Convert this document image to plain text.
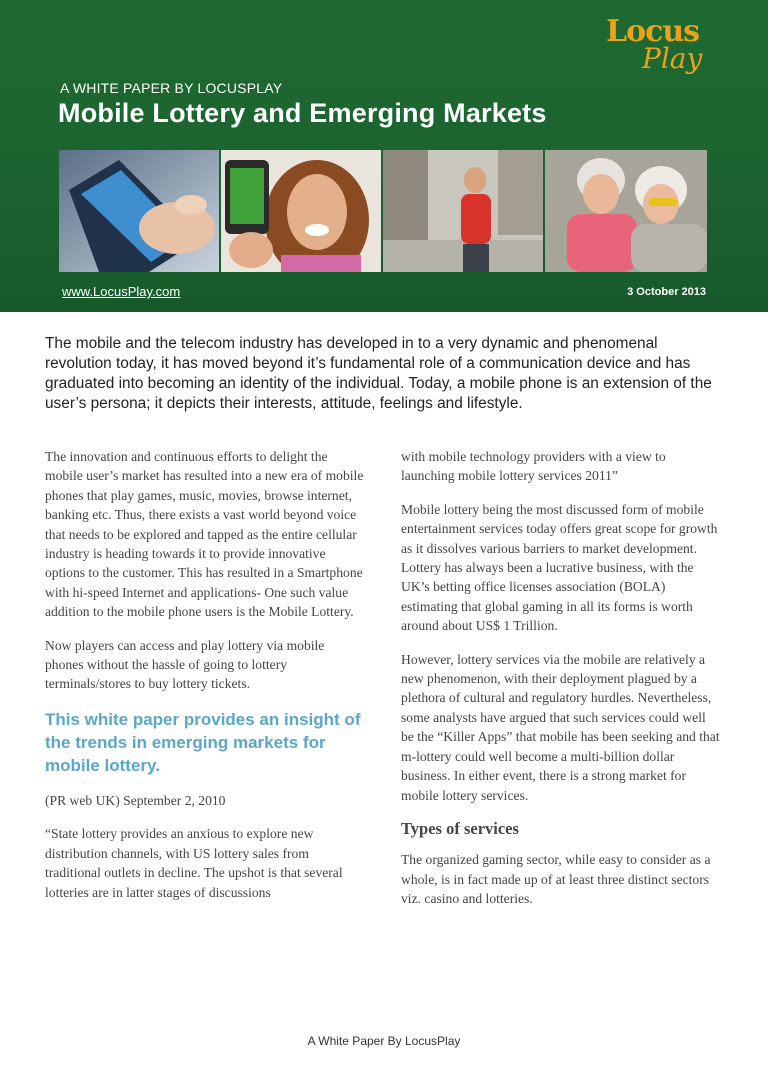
Locus
Play
A WHITE PAPER BY LOCUSPLAY
Mobile Lottery and Emerging Markets
www.LocusPlay.com	3 October 2013
The mobile and the telecom industry has developed in to a very dynamic and phenomenal revolution today, it has moved beyond it’s fundamental role of a communication device and has graduated into becoming an identity of the individual. Today, a mobile phone is an extension of the user’s persona; it depicts their interests, attitude, feelings and lifestyle.

The innovation and continuous efforts to delight the mobile user’s market has resulted into a new era of mobile phones that play games, music, movies, browse internet, banking etc. Thus, there exists a vast world beyond voice that needs to be explored and tapped as the entire cellular industry is heading towards it to provide innovative options to the customer. This has resulted in a Smartphone with hi-speed Internet and applications- One such value addition to the mobile phone users is the Mobile Lottery.

Now players can access and play lottery via mobile phones without the hassle of going to lottery terminals/stores to buy lottery tickets.

This white paper provides an insight of the trends in emerging markets for mobile lottery.

(PR web UK) September 2, 2010

“State lottery provides an anxious to explore new distribution channels, with US lottery sales from traditional outlets in decline. The upshot is that several lotteries are in latter stages of discussions

with mobile technology providers with a view to launching mobile lottery services 2011”

Mobile lottery being the most discussed form of mobile entertainment services today offers great scope for growth as it dissolves various barriers to market development. Lottery has always been a lucrative business, with the UK’s betting office licenses association (BOLA) estimating that global gaming in all its forms is worth around about US$ 1 Trillion.

However, lottery services via the mobile are relatively a new phenomenon, with their deployment plagued by a plethora of cultural and regulatory hurdles. Nevertheless, some analysts have argued that such services could well be the “Killer Apps” that mobile has been seeking and that m-lottery could well become a multi-billion dollar business. In either event, there is a strong market for mobile lottery services.

Types of services

The organized gaming sector, while easy to consider as a whole, is in fact made up of at least three distinct sectors viz. casino and lotteries.

A White Paper By LocusPlay
